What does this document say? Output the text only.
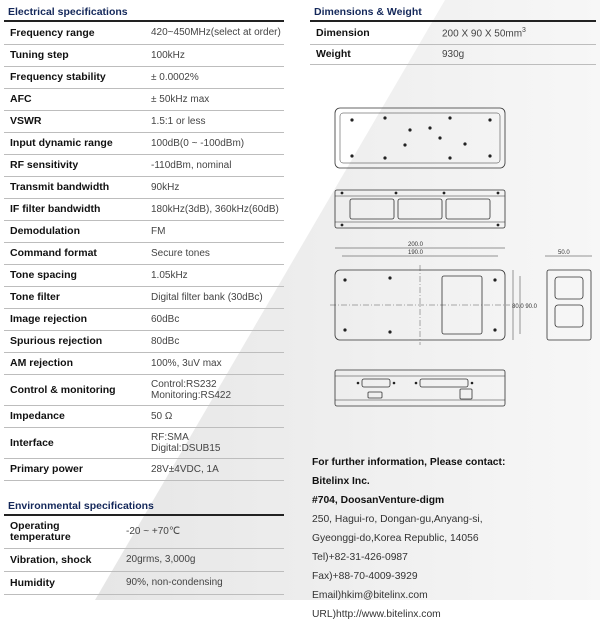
Electrical specifications
Frequency range	420~450MHz(select at order)
Tuning step	100kHz
Frequency stability	± 0.0002%
AFC	± 50kHz max
VSWR	1.5:1 or less
Input dynamic range	100dB(0 ~ -100dBm)
RF sensitivity	-110dBm, nominal
Transmit bandwidth	90kHz
IF filter bandwidth	180kHz(3dB), 360kHz(60dB)
Demodulation	FM
Command format	Secure tones
Tone spacing	1.05kHz
Tone filter	Digital filter bank (30dBc)
Image rejection	60dBc
Spurious rejection	80dBc
AM rejection	100%, 3uV max
Control & monitoring	Control:RS232
Monitoring:RS422

Impedance	50 Ω
Interface	RF:SMA
Digital:DSUB15

Primary power	28V±4VDC, 1A
Environmental specifications
Operating
temperature	-20 ~ +70℃
Vibration, shock	20grms, 3,000g
Humidity	90%, non-condensing
Dimensions & Weight
Dimension	200 X 90 X $50mm^3$
Weight	930g
200.0
190.0
80.0 90.0
50.0

For further information, Please contact:

Bitelinx Inc.

#704, DoosanVenture-digm

250, Hagui-ro, Dongan-gu,Anyang-si,

Gyeonggi-do,Korea Republic, 14056

Tel)+82-31-426-0987

Fax)+88-70-4009-3929

Email)hkim@bitelinx.com

URL)http://www.bitelinx.com
